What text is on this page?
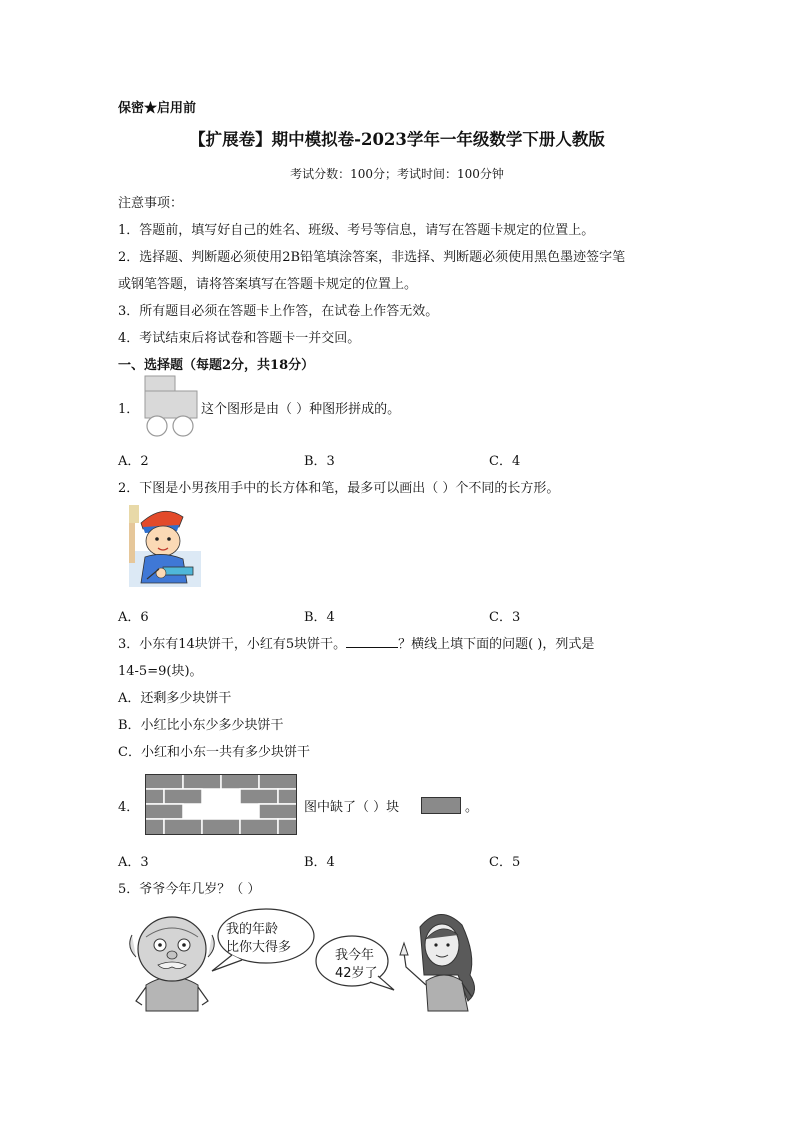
保密★启用前
【扩展卷】期中模拟卷-2023学年一年级数学下册人教版
考试分数：100分；考试时间：100分钟
注意事项：
1．答题前，填写好自己的姓名、班级、考号等信息，请写在答题卡规定的位置上。
2．选择题、判断题必须使用2B铅笔填涂答案，非选择、判断题必须使用黑色墨迹签字笔
或钢笔答题，请将答案填写在答题卡规定的位置上。
3．所有题目必须在答题卡上作答，在试卷上作答无效。
4．考试结束后将试卷和答题卡一并交回。
一、选择题（每题2分，共18分）
1．	这个图形是由（ ）种图形拼成的。
A．2	B．3	C．4
2．下图是小男孩用手中的长方体和笔，最多可以画出（ ）个不同的长方形。
A．6	B．4	C．3
3．小东有14块饼干，小红有5块饼干。	？横线上填下面的问题( )，列式是
14-5=9(块)。
A．还剩多少块饼干
B．小红比小东少多少块饼干
C．小红和小东一共有多少块饼干
4．	图中缺了（ ）块	。
A．3	B．4	C．5
5．爷爷今年几岁？（ ）
我的年龄
比你大得多
我今年
42岁了
